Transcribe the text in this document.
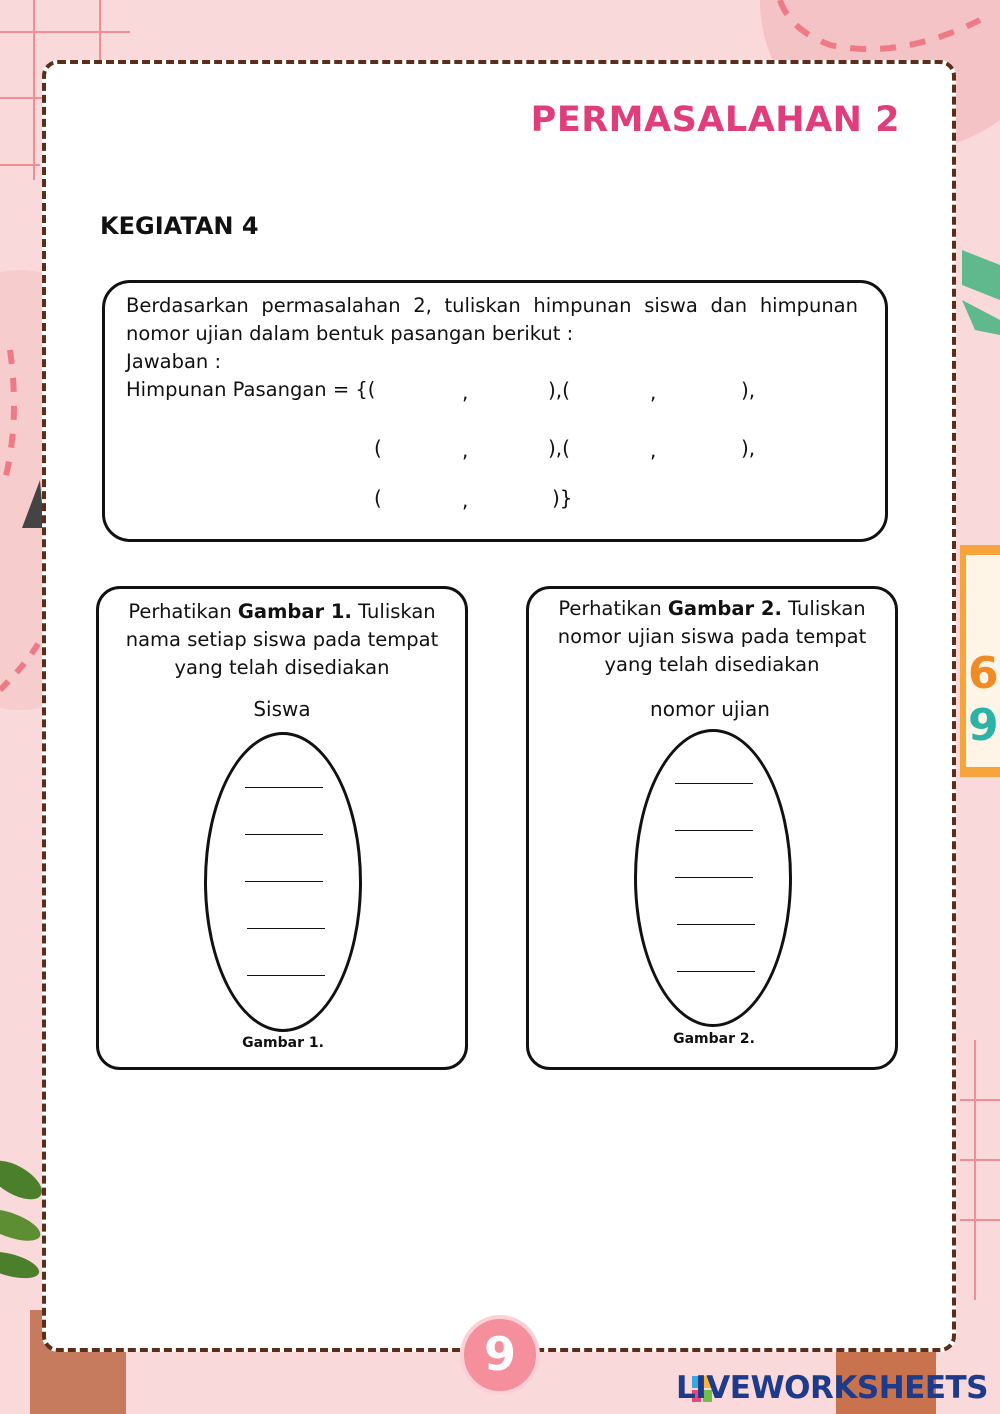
6
9
PERMASALAHAN 2
KEGIATAN 4
Berdasarkan permasalahan 2, tuliskan himpunan siswa dan himpunan nomor ujian dalam bentuk pasangan berikut :
Jawaban :
Himpunan Pasangan = {(	,	),(	,	),
(	,	),(	,	),
(	,	)}
Perhatikan Gambar 1. Tuliskan nama setiap siswa pada tempat yang telah disediakan
Siswa
Gambar 1.
Perhatikan Gambar 2. Tuliskan nomor ujian siswa pada tempat yang telah disediakan
nomor ujian
Gambar 2.
9
LIVEWORKSHEETS
